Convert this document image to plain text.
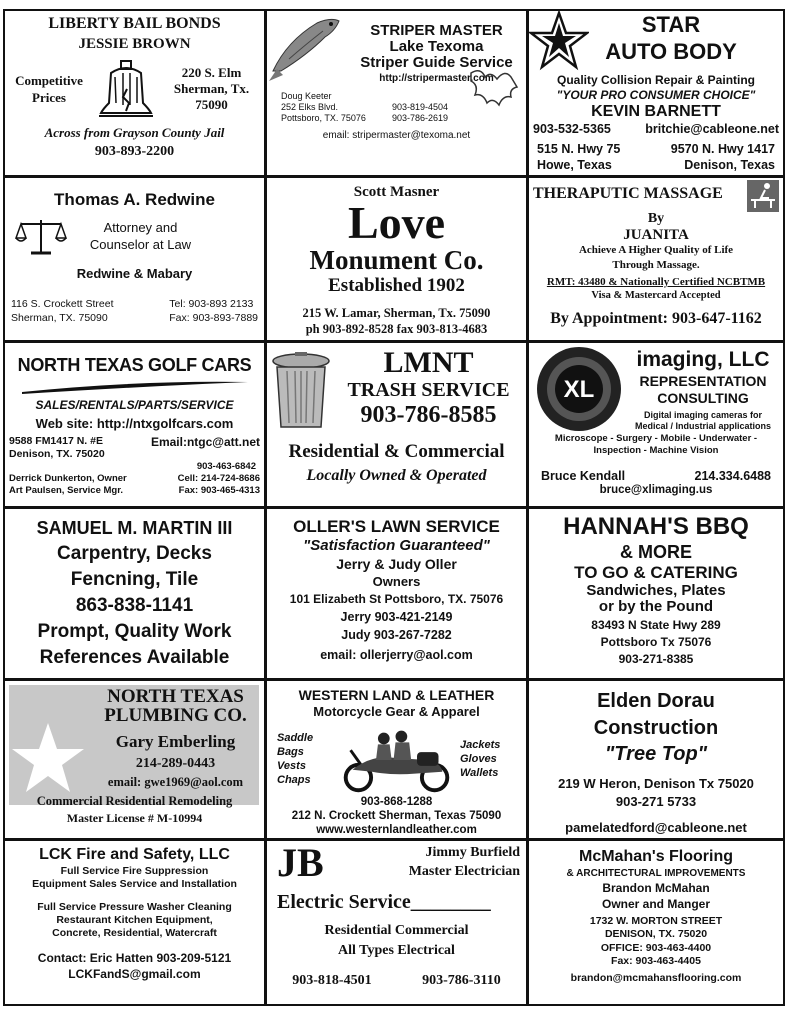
LIBERTY BAIL BONDS
JESSIE BROWN
Competitive Prices
220 S. Elm
Sherman, Tx.
75090
Across from Grayson County Jail
903-893-2200
STRIPER MASTER
Lake Texoma
Striper Guide Service
http://stripermaster.com
Doug Keeter
252 Elks Blvd.
Pottsboro, TX. 75076
903-819-4504
903-786-2619
email: stripermaster@texoma.net
STAR
AUTO BODY
Quality Collision Repair & Painting
"YOUR PRO CONSUMER CHOICE"
KEVIN BARNETT
903-532-5365	britchie@cableone.net
515 N. Hwy 75	9570 N. Hwy 1417
Howe, Texas	Denison, Texas
Thomas A. Redwine
Attorney and
Counselor at Law
Redwine & Mabary
116 S. Crockett Street
Sherman, TX. 75090
Tel: 903-893 2133
Fax: 903-893-7889
Scott Masner
Love
Monument Co.
Established 1902
215 W. Lamar, Sherman, Tx. 75090
ph 903-892-8528 fax 903-813-4683
THERAPUTIC MASSAGE
By
JUANITA
Achieve A Higher Quality of Life
Through Massage.
RMT: 43480 & Nationally Certified NCBTMB
Visa & Mastercard Accepted
By Appointment: 903-647-1162
NORTH TEXAS GOLF CARS
SALES/RENTALS/PARTS/SERVICE
Web site: http://ntxgolfcars.com
9588 FM1417 N. #E
Denison, TX. 75020
Email:ntgc@att.net
903-463-6842
Derrick Dunkerton, Owner	Cell: 214-724-8686
Art Paulsen, Service Mgr.	Fax: 903-465-4313
LMNT
TRASH SERVICE
903-786-8585
Residential & Commercial
Locally Owned & Operated
XL
imaging, LLC
REPRESENTATION
CONSULTING
Digital imaging cameras for
Medical / Industrial applications
Microscope - Surgery - Mobile - Underwater -
Inspection - Machine Vision
Bruce Kendall	214.334.6488
bruce@xlimaging.us
SAMUEL M. MARTIN III
Carpentry, Decks
Fencning, Tile
863-838-1141
Prompt, Quality Work
References Available
OLLER'S LAWN SERVICE
"Satisfaction Guaranteed"
Jerry & Judy Oller
Owners
101 Elizabeth St Pottsboro, TX. 75076
Jerry 903-421-2149
Judy 903-267-7282
email: ollerjerry@aol.com
HANNAH'S BBQ
& MORE
TO GO & CATERING
Sandwiches, Plates
or by the Pound
83493 N State Hwy 289
Pottsboro Tx 75076
903-271-8385
NORTH TEXAS
PLUMBING CO.
Gary Emberling
214-289-0443
email: gwe1969@aol.com
Commercial Residential Remodeling
Master License # M-10994
WESTERN LAND & LEATHER
Motorcycle Gear & Apparel
Saddle
Bags
Vests
Chaps
Jackets
Gloves
Wallets
903-868-1288
212 N. Crockett Sherman, Texas 75090
www.westernlandleather.com
Elden Dorau
Construction
"Tree Top"
219 W Heron, Denison Tx 75020
903-271 5733
pamelatedford@cableone.net
LCK Fire and Safety, LLC
Full Service Fire Suppression
Equipment Sales Service and Installation
Full Service Pressure Washer Cleaning
Restaurant Kitchen Equipment,
Concrete, Residential, Watercraft
Contact: Eric Hatten 903-209-5121
LCKFandS@gmail.com
JB	Jimmy Burfield
Master Electrician
Electric Service________
Residential Commercial
All Types Electrical
903-818-4501	903-786-3110
McMahan's Flooring
& ARCHITECTURAL IMPROVEMENTS
Brandon McMahan
Owner and Manger
1732 W. MORTON STREET
DENISON, TX. 75020
OFFICE: 903-463-4400
Fax: 903-463-4405
brandon@mcmahansflooring.com
